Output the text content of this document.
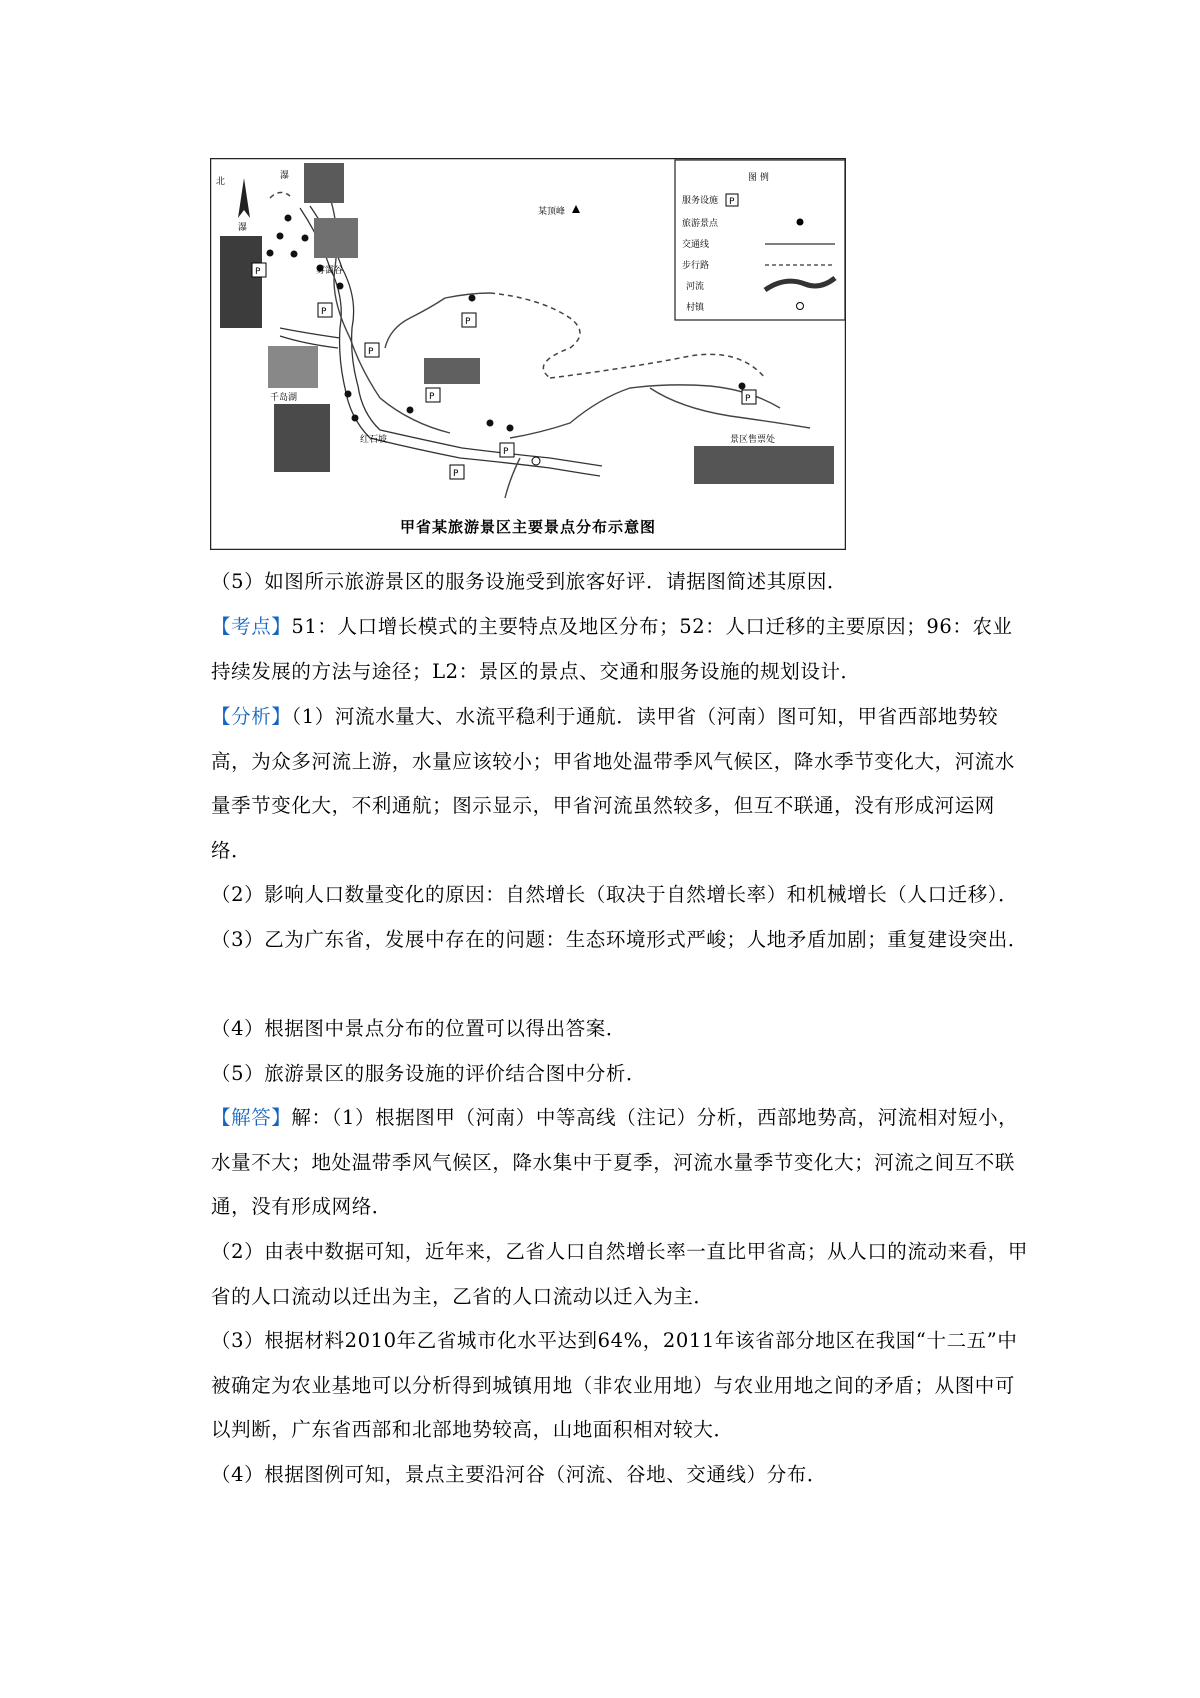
北
P
P
P
P
P
P
P
P
某顶峰
瀑
瀑
雾霭谷
千岛湖
红石坡	景区售票处
图 例
服务设施 P
旅游景点
交通线
步行路
河流
村镇
甲省某旅游景区主要景点分布示意图
（5）如图所示旅游景区的服务设施受到旅客好评．请据图简述其原因．
【考点】51：人口增长模式的主要特点及地区分布；52：人口迁移的主要原因；96：农业持续发展的方法与途径；L2：景区的景点、交通和服务设施的规划设计．
【分析】（1）河流水量大、水流平稳利于通航．读甲省（河南）图可知，甲省西部地势较高，为众多河流上游，水量应该较小；甲省地处温带季风气候区，降水季节变化大，河流水量季节变化大，不利通航；图示显示，甲省河流虽然较多，但互不联通，没有形成河运网络．
（2）影响人口数量变化的原因：自然增长（取决于自然增长率）和机械增长（人口迁移）．
（3）乙为广东省，发展中存在的问题：生态环境形式严峻；人地矛盾加剧；重复建设突出．
（4）根据图中景点分布的位置可以得出答案．
（5）旅游景区的服务设施的评价结合图中分析．
【解答】解：（1）根据图甲（河南）中等高线（注记）分析，西部地势高，河流相对短小，水量不大；地处温带季风气候区，降水集中于夏季，河流水量季节变化大；河流之间互不联通，没有形成网络．
（2）由表中数据可知，近年来，乙省人口自然增长率一直比甲省高；从人口的流动来看，甲省的人口流动以迁出为主，乙省的人口流动以迁入为主．
（3）根据材料2010年乙省城市化水平达到64%，2011年该省部分地区在我国“十二五”中被确定为农业基地可以分析得到城镇用地（非农业用地）与农业用地之间的矛盾；从图中可以判断，广东省西部和北部地势较高，山地面积相对较大．
（4）根据图例可知，景点主要沿河谷（河流、谷地、交通线）分布．
